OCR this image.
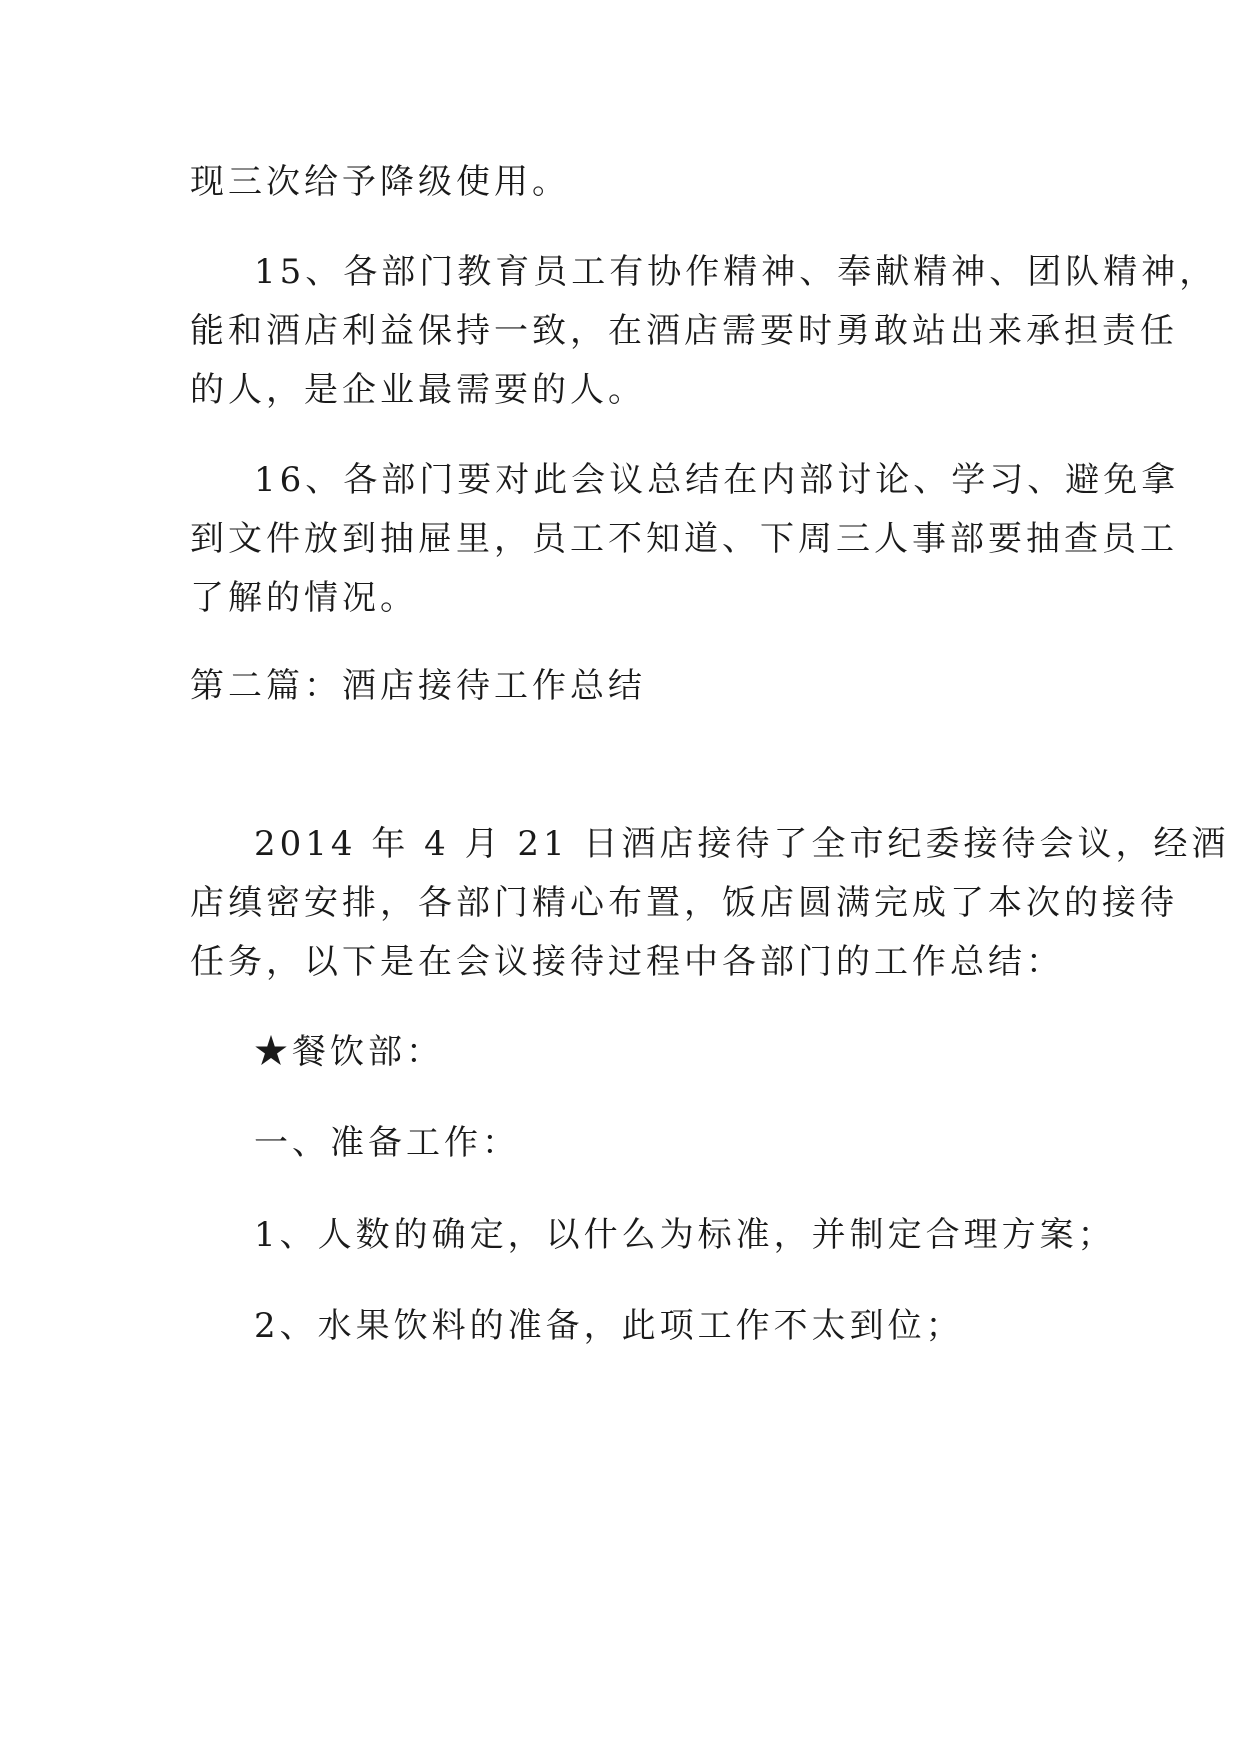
现三次给予降级使用。
15、各部门教育员工有协作精神、奉献精神、团队精神，
能和酒店利益保持一致，在酒店需要时勇敢站出来承担责任
的人，是企业最需要的人。
16、各部门要对此会议总结在内部讨论、学习、避免拿
到文件放到抽屉里，员工不知道、下周三人事部要抽查员工
了解的情况。
第二篇：酒店接待工作总结
2014 年 4 月 21 日酒店接待了全市纪委接待会议，经酒
店缜密安排，各部门精心布置，饭店圆满完成了本次的接待
任务，以下是在会议接待过程中各部门的工作总结：
★餐饮部：
一、准备工作：
1、人数的确定，以什么为标准，并制定合理方案；
2、水果饮料的准备，此项工作不太到位；
